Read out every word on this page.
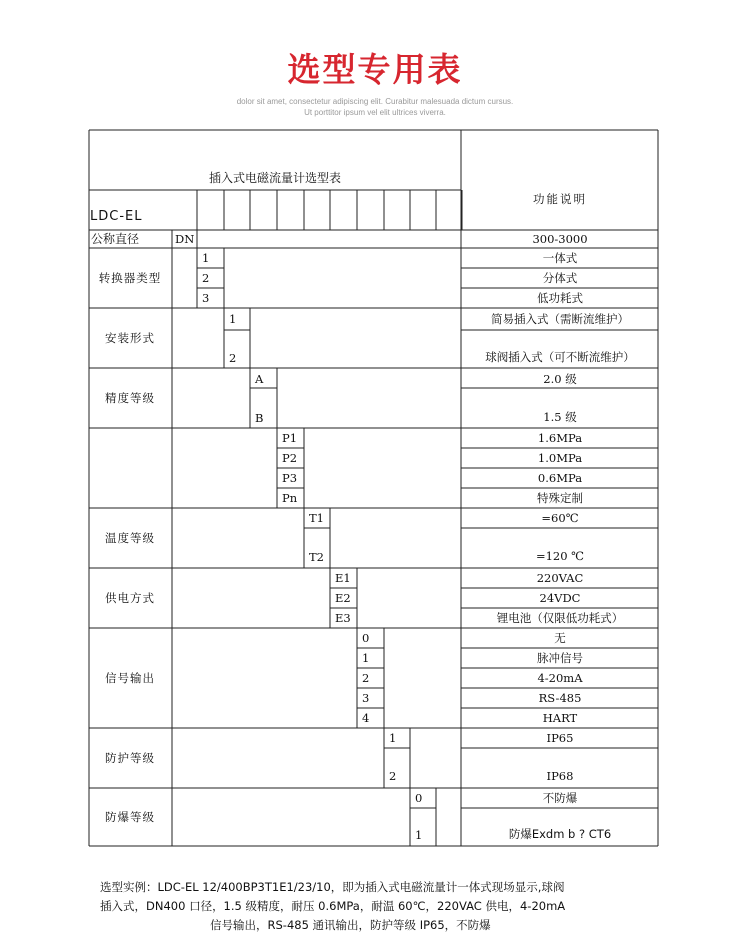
选型专用表
dolor sit amet, consectetur adipiscing elit. Curabitur malesuada dictum cursus.
Ut porttitor ipsum vel elit ultrices viverra.
插入式电磁流量计选型表
功能说明
LDC-EL
公称直径	DN	300-3000
转换器类型
1	一体式
2	分体式
3	低功耗式
安装形式
1	简易插入式（需断流维护）
2	球阀插入式（可不断流维护）
精度等级
A	2.0 级
B	1.5 级
P1	1.6MPa
P2	1.0MPa
P3	0.6MPa
Pn	特殊定制
温度等级
T1	=60℃
T2	=120 ℃
供电方式
E1	220VAC
E2	24VDC
E3	锂电池（仅限低功耗式）
信号输出
0	无
1	脉冲信号
2	4-20mA
3	RS-485
4	HART
防护等级
1	IP65
2	IP68
防爆等级
0	不防爆
1	防爆Exdm b ? CT6
选型实例：LDC-EL 12/400BP3T1E1/23/10，即为插入式电磁流量计一体式现场显示,球阀
插入式，DN400 口径，1.5 级精度，耐压 0.6MPa，耐温 60℃，220VAC 供电，4-20mA
信号输出，RS-485 通讯输出，防护等级 IP65，不防爆
